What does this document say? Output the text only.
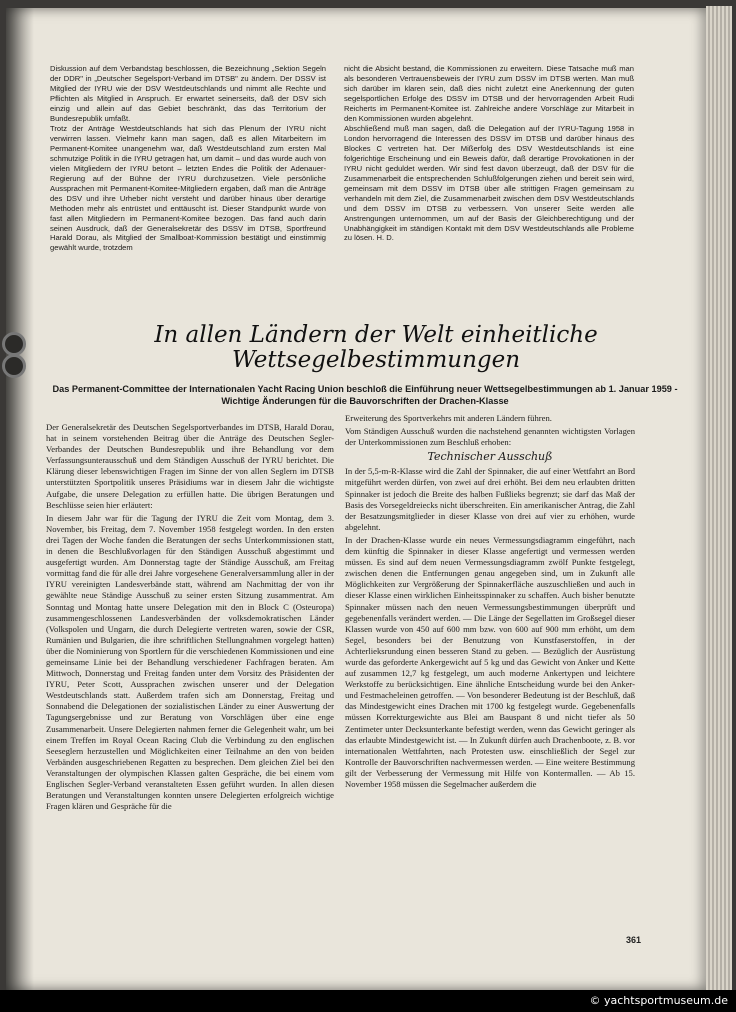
Diskussion auf dem Verbandstag beschlossen, die Bezeichnung „Sektion Segeln der DDR" in „Deutscher Segelsport-Verband im DTSB" zu ändern. Der DSSV ist Mitglied der IYRU wie der DSV Westdeutschlands und nimmt alle Rechte und Pflichten als Mitglied in Anspruch. Er erwartet seinerseits, daß der DSV sich einzig und allein auf das Gebiet beschränkt, das das Territorium der Bundesrepublik umfaßt.

Trotz der Anträge Westdeutschlands hat sich das Plenum der IYRU nicht verwirren lassen. Vielmehr kann man sagen, daß es allen Mitarbeitern im Permanent-Komitee unangenehm war, daß Westdeutschland zum ersten Mal schmutzige Politik in die IYRU getragen hat, um damit – und das wurde auch von vielen Mitgliedern der IYRU betont – letzten Endes die Politik der Adenauer-Regierung auf der Bühne der IYRU durchzusetzen. Viele persönliche Aussprachen mit Permanent-Komitee-Mitgliedern ergaben, daß man die Anträge des DSV und ihre Urheber nicht versteht und darüber hinaus über derartige Methoden mehr als entrüstet und enttäuscht ist. Dieser Standpunkt wurde von fast allen Mitgliedern im Permanent-Komitee bezogen. Das fand auch darin seinen Ausdruck, daß der Generalsekretär des DSSV im DTSB, Sportfreund Harald Dorau, als Mitglied der Smallboat-Kommission bestätigt und einstimmig gewählt wurde, trotzdem

nicht die Absicht bestand, die Kommissionen zu erweitern. Diese Tatsache muß man als besonderen Vertrauensbeweis der IYRU zum DSSV im DTSB werten. Man muß sich darüber im klaren sein, daß dies nicht zuletzt eine Anerkennung der guten segelsportlichen Erfolge des DSSV im DTSB und der hervorragenden Arbeit Rudi Reicherts im Permanent-Komitee ist. Zahlreiche andere Vorschläge zur Mitarbeit in den Kommissionen wurden abgelehnt.

Abschließend muß man sagen, daß die Delegation auf der IYRU-Tagung 1958 in London hervorragend die Interessen des DSSV im DTSB und darüber hinaus des Blockes C vertreten hat. Der Mißerfolg des DSV Westdeutschlands ist eine folgerichtige Erscheinung und ein Beweis dafür, daß derartige Provokationen in der IYRU nicht geduldet werden. Wir sind fest davon überzeugt, daß der DSV für die Zusammenarbeit die entsprechenden Schlußfolgerungen ziehen und bereit sein wird, gemeinsam mit dem DSSV im DTSB über alle strittigen Fragen gemeinsam zu verhandeln mit dem Ziel, die Zusammenarbeit zwischen dem DSV Westdeutschlands und dem DSSV im DTSB zu verbessern. Von unserer Seite werden alle Anstrengungen unternommen, um auf der Basis der Gleichberechtigung und der Unabhängigkeit im ständigen Kontakt mit dem DSV Westdeutschlands alle Probleme zu lösen. H. D.

In allen Ländern der Welt einheitliche Wettsegelbestimmungen
Das Permanent-Committee der Internationalen Yacht Racing Union beschloß die Einführung neuer Wettsegelbestimmungen ab 1. Januar 1959 - Wichtige Änderungen für die Bauvorschriften der Drachen-Klasse

Der Generalsekretär des Deutschen Segelsportverbandes im DTSB, Harald Dorau, hat in seinem vorstehenden Beitrag über die Anträge des Deutschen Segler-Verbandes der Deutschen Bundesrepublik und ihre Behandlung vor dem Verfassungsunterausschuß und dem Ständigen Ausschuß der IYRU berichtet. Die Klärung dieser lebenswichtigen Fragen im Sinne der von allen Seglern im DTSB unterstützten Sportpolitik unseres Präsidiums war in diesem Jahr die wichtigste Aufgabe, die unsere Delegation zu erfüllen hatte. Die übrigen Beratungen und Beschlüsse seien hier erläutert:

In diesem Jahr war für die Tagung der IYRU die Zeit vom Montag, dem 3. November, bis Freitag, dem 7. November 1958 festgelegt worden. In den ersten drei Tagen der Woche fanden die Beratungen der sechs Unterkommissionen statt, in denen die Beschlußvorlagen für den Ständigen Ausschuß abgestimmt und ausgefertigt wurden. Am Donnerstag tagte der Ständige Ausschuß, am Freitag vormittag fand die für alle drei Jahre vorgesehene Generalversammlung aller in der IYRU vereinigten Landesverbände statt, während am Nachmittag der von ihr gewählte neue Ständige Ausschuß zu seiner ersten Sitzung zusammentrat. Am Sonntag und Montag hatte unsere Delegation mit den in Block C (Osteuropa) zusammengeschlossenen Landesverbänden der volksdemokratischen Länder (Volkspolen und Ungarn, die durch Delegierte vertreten waren, sowie der CSR, Rumänien und Bulgarien, die ihre schriftlichen Stellungnahmen vorgelegt hatten) über die Nominierung von Sportlern für die verschiedenen Kommissionen und eine gemeinsame Linie bei der Behandlung verschiedener Fachfragen beraten. Am Mittwoch, Donnerstag und Freitag fanden unter dem Vorsitz des Präsidenten der IYRU, Peter Scott, Aussprachen zwischen unserer und der Delegation Westdeutschlands statt. Außerdem trafen sich am Donnerstag, Freitag und Sonnabend die Delegationen der sozialistischen Länder zu einer Auswertung der Tagungsergebnisse und zur Beratung von Vorschlägen über eine enge Zusammenarbeit. Unsere Delegierten nahmen ferner die Gelegenheit wahr, um bei einem Treffen im Royal Ocean Racing Club die Verbindung zu den englischen Seeseglern herzustellen und Möglichkeiten einer Teilnahme an den von beiden Verbänden ausgeschriebenen Regatten zu besprechen. Dem gleichen Ziel bei den Veranstaltungen der olympischen Klassen galten Gespräche, die bei einem vom Englischen Segler-Verband veranstalteten Essen geführt wurden. In allen diesen Beratungen und Veranstaltungen konnten unsere Delegierten erfolgreich wichtige Fragen klären und Gespräche für die

Erweiterung des Sportverkehrs mit anderen Ländern führen.

Vom Ständigen Ausschuß wurden die nachstehend genannten wichtigsten Vorlagen der Unterkommissionen zum Beschluß erhoben:

Technischer Ausschuß

In der 5,5-m-R-Klasse wird die Zahl der Spinnaker, die auf einer Wettfahrt an Bord mitgeführt werden dürfen, von zwei auf drei erhöht. Bei dem neu erlaubten dritten Spinnaker ist jedoch die Breite des halben Fußlieks begrenzt; sie darf das Maß der Basis des Vorsegeldreiecks nicht überschreiten. Ein amerikanischer Antrag, die Zahl der Besatzungsmitglieder in dieser Klasse von drei auf vier zu erhöhen, wurde abgelehnt.

In der Drachen-Klasse wurde ein neues Vermessungsdiagramm eingeführt, nach dem künftig die Spinnaker in dieser Klasse angefertigt und vermessen werden müssen. Es sind auf dem neuen Vermessungsdiagramm zwölf Punkte festgelegt, zwischen denen die Entfernungen genau angegeben sind, um in Zukunft alle Möglichkeiten zur Vergrößerung der Spinnakerfläche auszuschließen und auch in dieser Klasse einen wirklichen Einheitsspinnaker zu schaffen. Auch bisher benutzte Spinnaker müssen nach den neuen Vermessungsbestimmungen überprüft und gegebenenfalls verändert werden. — Die Länge der Segellatten im Großsegel dieser Klassen wurde von 450 auf 600 mm bzw. von 600 auf 900 mm erhöht, um dem Segel, besonders bei der Benutzung von Kunstfaserstoffen, in der Achterlieksrundung einen besseren Stand zu geben. — Bezüglich der Ausrüstung wurde das geforderte Ankergewicht auf 5 kg und das Gewicht von Anker und Kette auf zusammen 12,7 kg festgelegt, um auch moderne Ankertypen und leichtere Werkstoffe zu berücksichtigen. Eine ähnliche Entscheidung wurde bei den Anker- und Festmacheleinen getroffen. — Von besonderer Bedeutung ist der Beschluß, daß das Mindestgewicht eines Drachen mit 1700 kg festgelegt wurde. Gegebenenfalls müssen Korrekturgewichte aus Blei am Bauspant 8 und nicht tiefer als 50 Zentimeter unter Decksunterkante befestigt werden, wenn das Gewicht geringer als das erlaubte Mindestgewicht ist. — In Zukunft dürfen auch Drachenboote, z. B. vor internationalen Wettfahrten, nach Protesten usw. einschließlich der Segel zur Kontrolle der Bauvorschriften nachvermessen werden. — Eine weitere Bestimmung gilt der Verbesserung der Vermessung mit Hilfe von Kontermallen. — Ab 15. November 1958 müssen die Segelmacher außerdem die

361
© yachtsportmuseum.de
